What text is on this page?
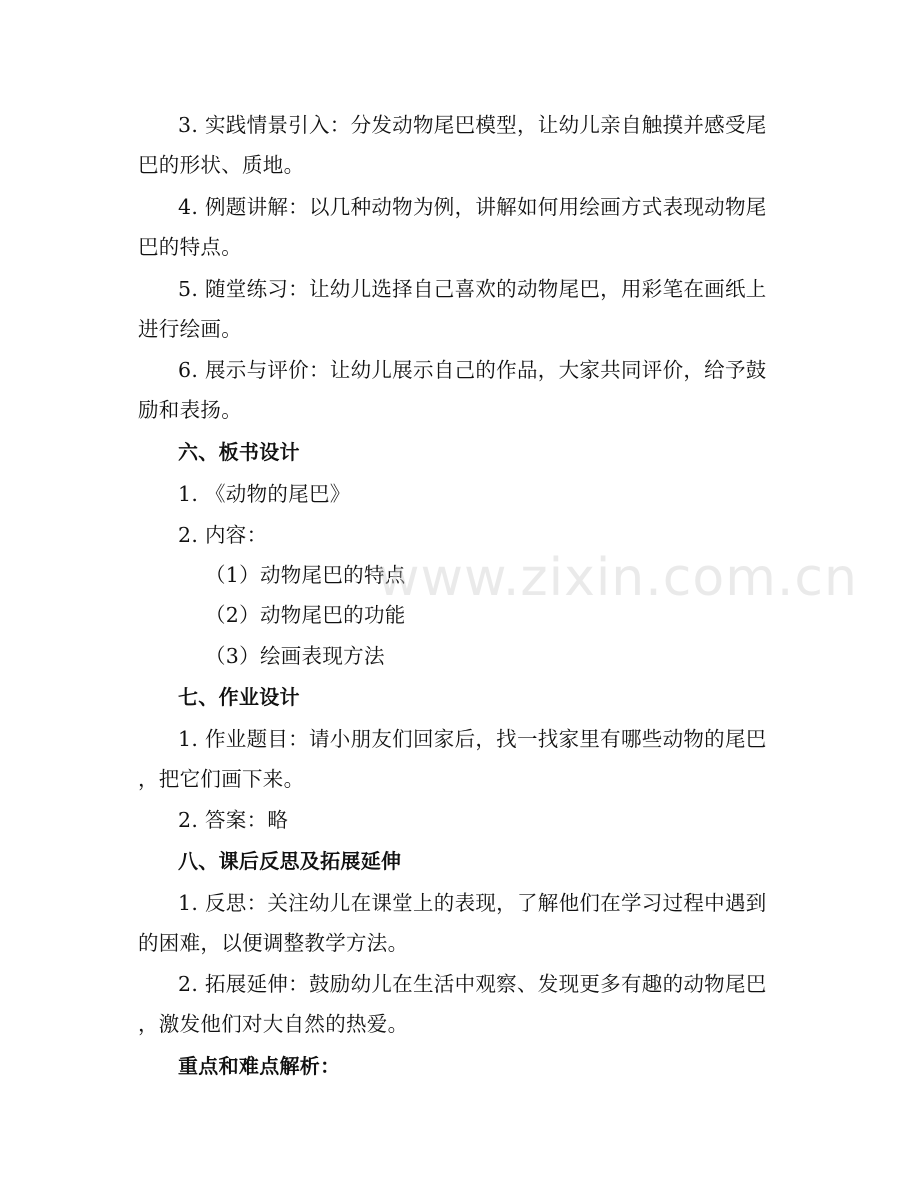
3. 实践情景引入：分发动物尾巴模型，让幼儿亲自触摸并感受尾
巴的形状、质地。
4. 例题讲解：以几种动物为例，讲解如何用绘画方式表现动物尾
巴的特点。
5. 随堂练习：让幼儿选择自己喜欢的动物尾巴，用彩笔在画纸上
进行绘画。
6. 展示与评价：让幼儿展示自己的作品，大家共同评价，给予鼓
励和表扬。
六、板书设计
1. 《动物的尾巴》
2. 内容：
（1）动物尾巴的特点
（2）动物尾巴的功能
（3）绘画表现方法
七、作业设计
1. 作业题目：请小朋友们回家后，找一找家里有哪些动物的尾巴
，把它们画下来。
2. 答案：略
八、课后反思及拓展延伸
1. 反思：关注幼儿在课堂上的表现，了解他们在学习过程中遇到
的困难，以便调整教学方法。
2. 拓展延伸：鼓励幼儿在生活中观察、发现更多有趣的动物尾巴
，激发他们对大自然的热爱。
重点和难点解析：
www.zixin.com.cn
